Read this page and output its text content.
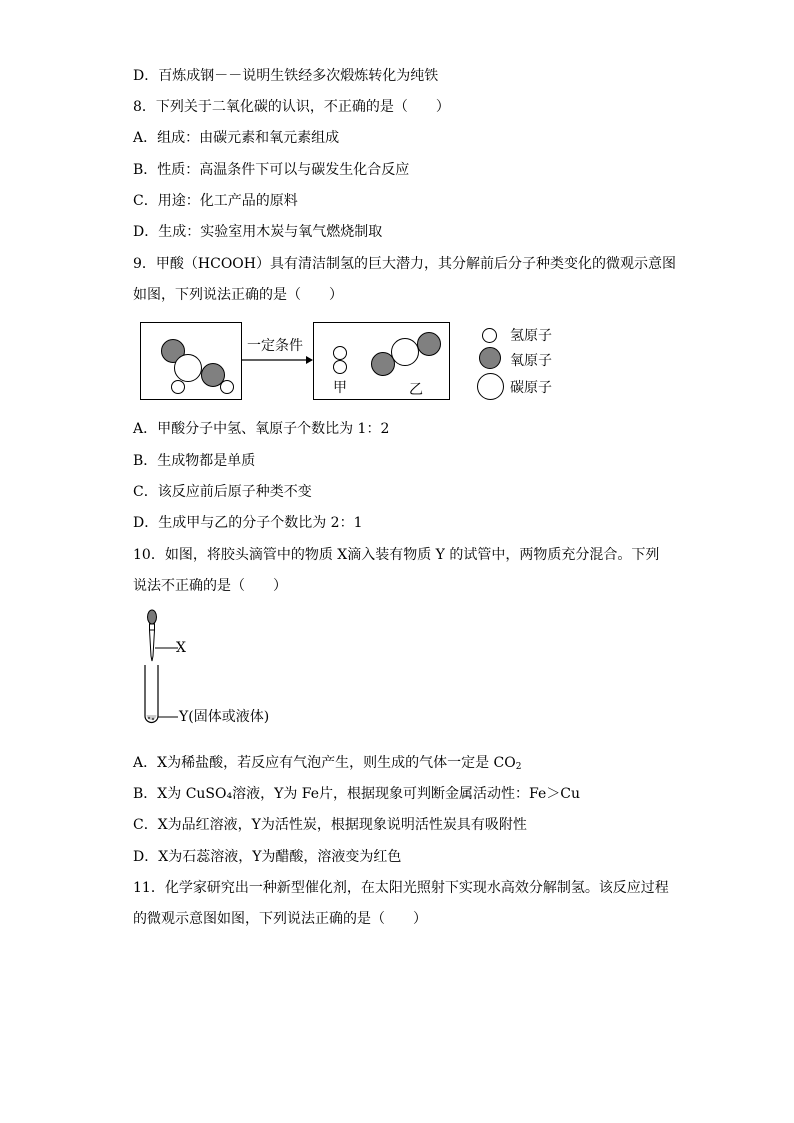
D．百炼成钢－－说明生铁经多次煅炼转化为纯铁
8．下列关于二氧化碳的认识，不正确的是（　　）
A．组成：由碳元素和氧元素组成
B．性质：高温条件下可以与碳发生化合反应
C．用途：化工产品的原料
D．生成：实验室用木炭与氧气燃烧制取
9．甲酸（HCOOH）具有清洁制氢的巨大潜力，其分解前后分子种类变化的微观示意图
如图，下列说法正确的是（　　）
一定条件
甲	乙
氢原子
氧原子
碳原子
A．甲酸分子中氢、氧原子个数比为 1：2
B．生成物都是单质
C．该反应前后原子种类不变
D．生成甲与乙的分子个数比为 2：1
10．如图，将胶头滴管中的物质 X滴入装有物质 Y 的试管中，两物质充分混合。下列
说法不正确的是（　　）
X
Y(固体或液体)
A．X为稀盐酸，若反应有气泡产生，则生成的气体一定是 $CO_2$
B．X为 CuSO₄溶液，Y为 Fe片，根据现象可判断金属活动性：Fe＞Cu
C．X为品红溶液，Y为活性炭，根据现象说明活性炭具有吸附性
D．X为石蕊溶液，Y为醋酸，溶液变为红色
11．化学家研究出一种新型催化剂，在太阳光照射下实现水高效分解制氢。该反应过程
的微观示意图如图，下列说法正确的是（　　）
